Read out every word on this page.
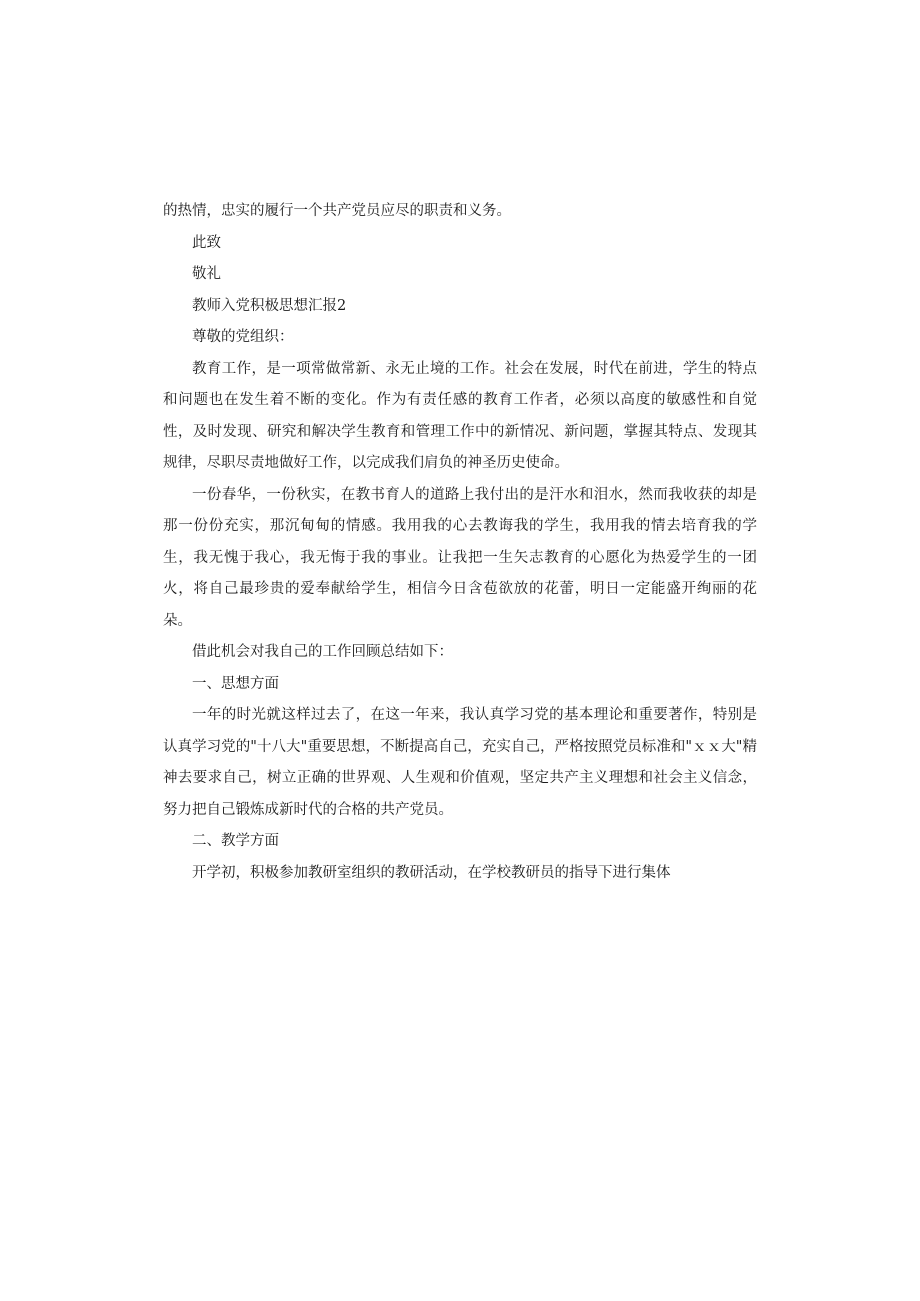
的热情，忠实的履行一个共产党员应尽的职责和义务。

此致

敬礼

教师入党积极思想汇报2

尊敬的党组织：

教育工作，是一项常做常新、永无止境的工作。社会在发展，时代在前进，学生的特点和问题也在发生着不断的变化。作为有责任感的教育工作者，必须以高度的敏感性和自觉性，及时发现、研究和解决学生教育和管理工作中的新情况、新问题，掌握其特点、发现其规律，尽职尽责地做好工作，以完成我们肩负的神圣历史使命。

一份春华，一份秋实，在教书育人的道路上我付出的是汗水和泪水，然而我收获的却是那一份份充实，那沉甸甸的情感。我用我的心去教诲我的学生，我用我的情去培育我的学生，我无愧于我心，我无悔于我的事业。让我把一生矢志教育的心愿化为热爱学生的一团火，将自己最珍贵的爱奉献给学生，相信今日含苞欲放的花蕾，明日一定能盛开绚丽的花朵。

借此机会对我自己的工作回顾总结如下：

一、思想方面

一年的时光就这样过去了，在这一年来，我认真学习党的基本理论和重要著作，特别是认真学习党的"十八大"重要思想，不断提高自己，充实自己，严格按照党员标准和"ｘｘ大"精神去要求自己，树立正确的世界观、人生观和价值观，坚定共产主义理想和社会主义信念，努力把自己锻炼成新时代的合格的共产党员。

二、教学方面

开学初，积极参加教研室组织的教研活动，在学校教研员的指导下进行集体
